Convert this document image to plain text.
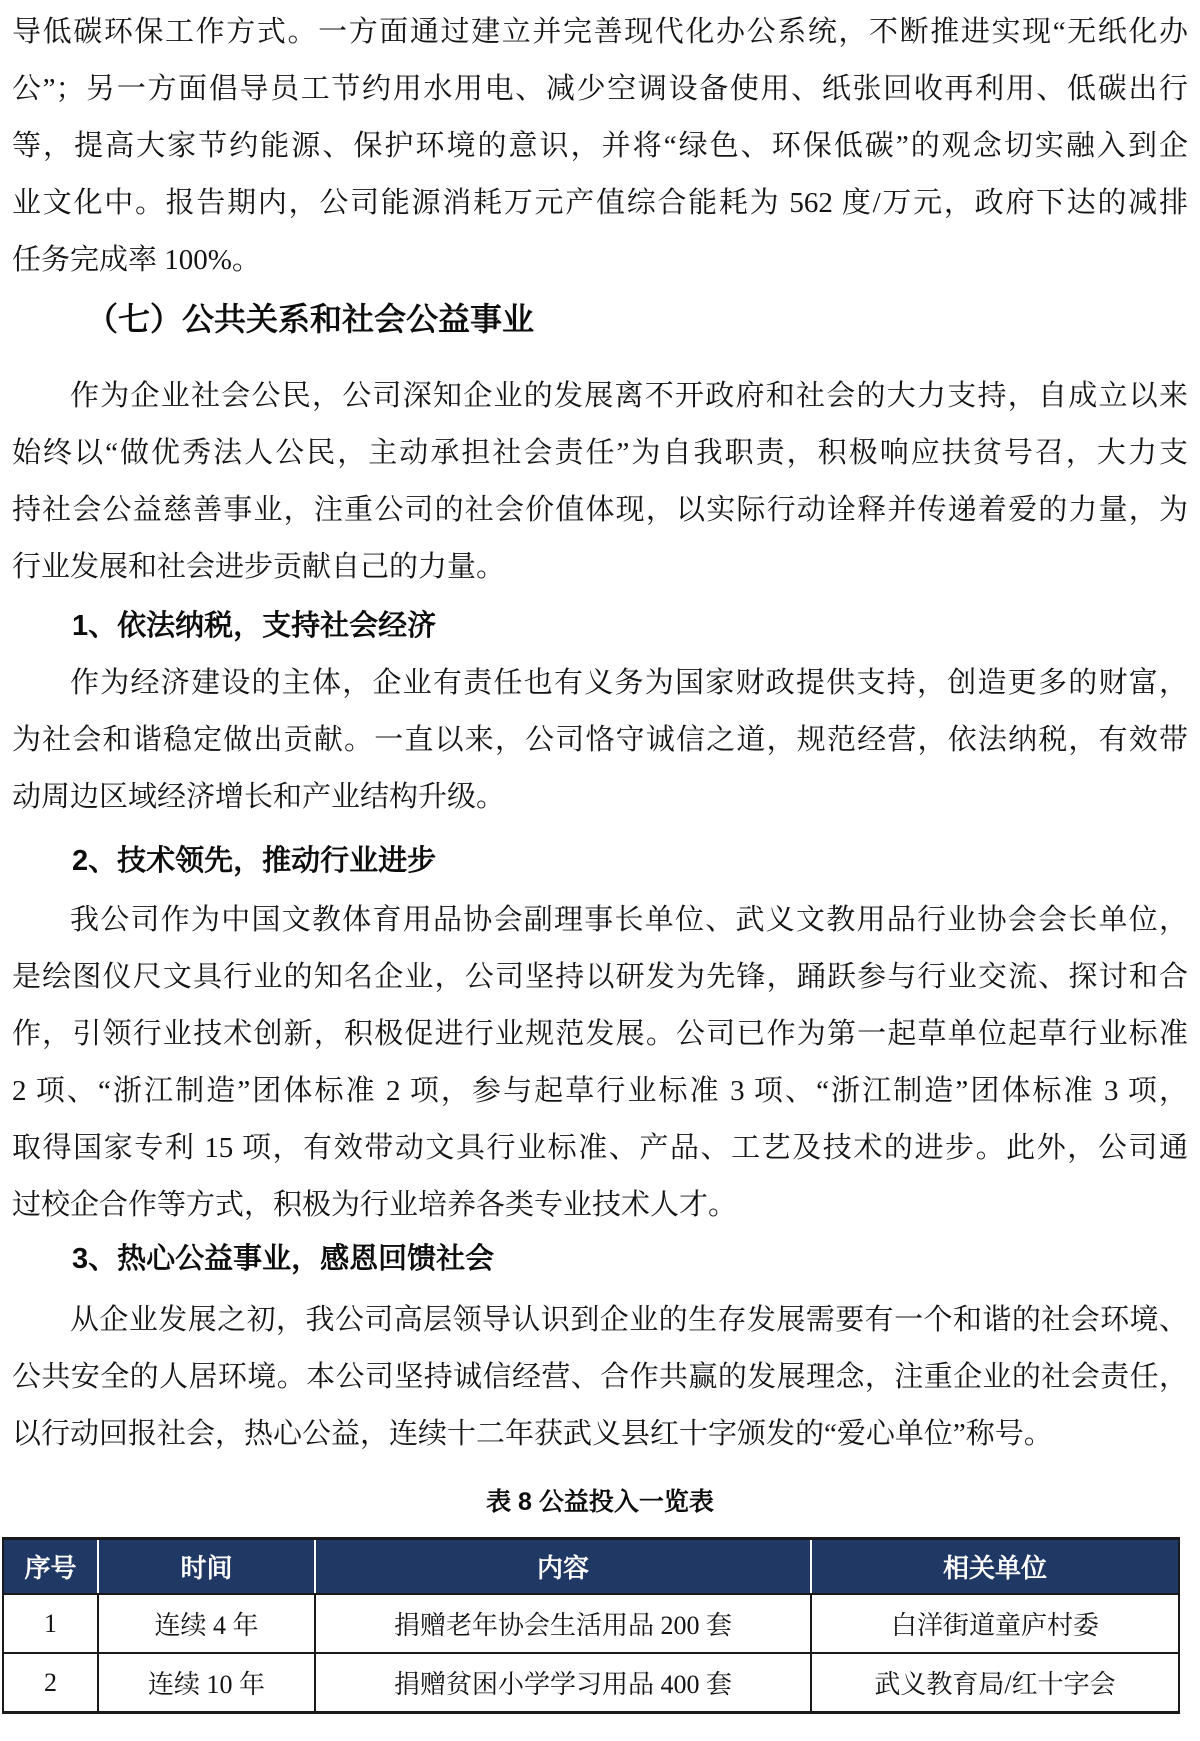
导低碳环保工作方式。一方面通过建立并完善现代化办公系统，不断推进实现“无纸化办
公”；另一方面倡导员工节约用水用电、减少空调设备使用、纸张回收再利用、低碳出行
等，提高大家节约能源、保护环境的意识，并将“绿色、环保低碳”的观念切实融入到企
业文化中。报告期内，公司能源消耗万元产值综合能耗为 562 度/万元，政府下达的减排
任务完成率 100%。
（七）公共关系和社会公益事业
作为企业社会公民，公司深知企业的发展离不开政府和社会的大力支持，自成立以来
始终以“做优秀法人公民，主动承担社会责任”为自我职责，积极响应扶贫号召，大力支
持社会公益慈善事业，注重公司的社会价值体现，以实际行动诠释并传递着爱的力量，为
行业发展和社会进步贡献自己的力量。
1、依法纳税，支持社会经济
作为经济建设的主体，企业有责任也有义务为国家财政提供支持，创造更多的财富，
为社会和谐稳定做出贡献。一直以来，公司恪守诚信之道，规范经营，依法纳税，有效带
动周边区域经济增长和产业结构升级。
2、技术领先，推动行业进步
我公司作为中国文教体育用品协会副理事长单位、武义文教用品行业协会会长单位，
是绘图仪尺文具行业的知名企业，公司坚持以研发为先锋，踊跃参与行业交流、探讨和合
作，引领行业技术创新，积极促进行业规范发展。公司已作为第一起草单位起草行业标准
2 项、“浙江制造”团体标准 2 项，参与起草行业标准 3 项、“浙江制造”团体标准 3 项，
取得国家专利 15 项，有效带动文具行业标准、产品、工艺及技术的进步。此外，公司通
过校企合作等方式，积极为行业培养各类专业技术人才。
3、热心公益事业，感恩回馈社会
从企业发展之初，我公司高层领导认识到企业的生存发展需要有一个和谐的社会环境、
公共安全的人居环境。本公司坚持诚信经营、合作共赢的发展理念，注重企业的社会责任，
以行动回报社会，热心公益，连续十二年获武义县红十字颁发的“爱心单位”称号。
表 8 公益投入一览表
序号	时间	内容	相关单位
1	连续 4 年	捐赠老年协会生活用品 200 套	白洋街道童庐村委
2	连续 10 年	捐赠贫困小学学习用品 400 套	武义教育局/红十字会
